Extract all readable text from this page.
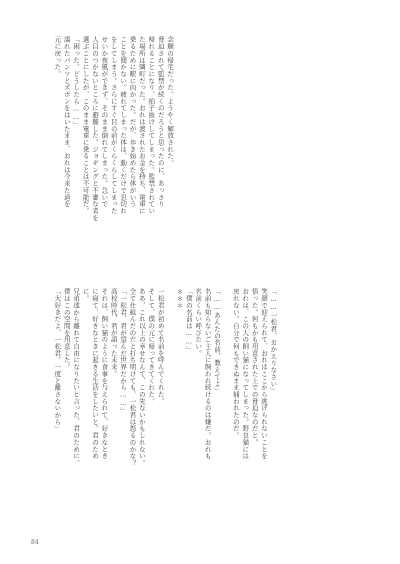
念願の帰宅だった。ようやく解放された。
脅迫されて監禁が続くのだろうと思ったのに、あっさり
帰れることになり、拍子抜けしてしまった。監禁されてい
た場所は隣町だった。おれは渡されたお金を持ち、電車に
乗るために駅に向かった。だが、歩き始めたら体がいう
ことを聞かない。疲れてしまった体は、動くだけで息切れ
をしてしまう。さらにすぐ目の前がくらくらしてしまった
せいか夜風ができず、そのまま倒れてしまった。急いで
人目のつかないところに避難した。ジョギングと不審な者を
選ぶことにしたが、このまま電車に乗ることは不可能だ。
「困った。どうしたら……」
濡れたパンツとズボンをはいたまま、おれは今来た道を
元に戻った。
「……一松君、おかえりなさい」
笑顔で迎えられて、おれはここから逃げられないことを
悟った。何もかも用意された上での脅迫なのだと。
おれは、この人の飼い猫になってしまった。野良猫には
戻れない。自分で何もできぬまま捕われたのだ。
「……あんたの名前、教えてよ」
名前も知らないご主人に飼われ続けるのは嫌だ。おれも
名前くらい呼びたい。
「僕の名前は……」
＊＊＊
一松君が初めて名前を呼んでくれた。
そして、僕の元に帰ってきてくれた。
ああ、これ以上の幸せなんて、この先ないかもしれない。
全て仕組んだのだと打ち明けても、一松君は怒るのかな？
「一松君、君が望んだ世界だから……」
高校時代、君が語った未来。
それは、飼い猫のように食事を与えられて、好きなとき
に寝て、好きなときに起きる生活をしたいと。君のため
に。
兄弟達から離れて自由になりたいと言った、君のために。
僕はこの空間を用意した。
「大好きだよ、一松君。一度と離さないから」
84
